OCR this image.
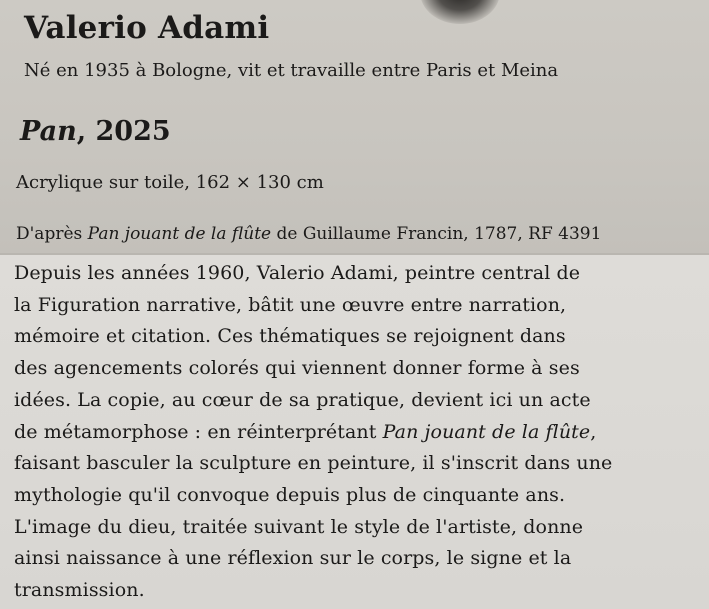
Valerio Adami
Né en 1935 à Bologne, vit et travaille entre Paris et Meina
Pan, 2025
Acrylique sur toile, 162 × 130 cm
D'après Pan jouant de la flûte de Guillaume Francin, 1787, RF 4391
Depuis les années 1960, Valerio Adami, peintre central de
la Figuration narrative, bâtit une œuvre entre narration,
mémoire et citation. Ces thématiques se rejoignent dans
des agencements colorés qui viennent donner forme à ses
idées. La copie, au cœur de sa pratique, devient ici un acte
de métamorphose : en réinterprétant Pan jouant de la flûte,
faisant basculer la sculpture en peinture, il s'inscrit dans une
mythologie qu'il convoque depuis plus de cinquante ans.
L'image du dieu, traitée suivant le style de l'artiste, donne
ainsi naissance à une réflexion sur le corps, le signe et la
transmission.
